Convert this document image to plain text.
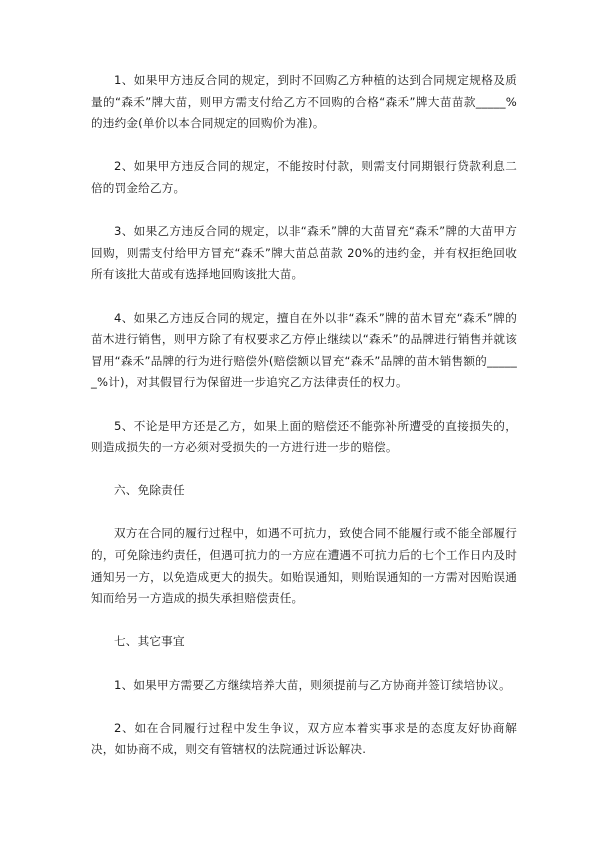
1、如果甲方违反合同的规定，到时不回购乙方种植的达到合同规定规格及质量的“森禾”牌大苗，则甲方需支付给乙方不回购的合格“森禾”牌大苗苗款_____%的违约金(单价以本合同规定的回购价为准)。

2、如果甲方违反合同的规定，不能按时付款，则需支付同期银行贷款利息二倍的罚金给乙方。

3、如果乙方违反合同的规定，以非“森禾”牌的大苗冒充“森禾”牌的大苗甲方回购，则需支付给甲方冒充“森禾”牌大苗总苗款 20%的违约金，并有权拒绝回收所有该批大苗或有选择地回购该批大苗。

4、如果乙方违反合同的规定，擅自在外以非“森禾”牌的苗木冒充“森禾”牌的苗木进行销售，则甲方除了有权要求乙方停止继续以“森禾”的品牌进行销售并就该冒用“森禾”品牌的行为进行赔偿外(赔偿额以冒充“森禾”品牌的苗木销售额的______%计)，对其假冒行为保留进一步追究乙方法律责任的权力。

5、不论是甲方还是乙方，如果上面的赔偿还不能弥补所遭受的直接损失的，则造成损失的一方必须对受损失的一方进行进一步的赔偿。

六、免除责任

双方在合同的履行过程中，如遇不可抗力，致使合同不能履行或不能全部履行的，可免除违约责任，但遇可抗力的一方应在遭遇不可抗力后的七个工作日内及时通知另一方，以免造成更大的损失。如贻误通知，则贻误通知的一方需对因贻误通知而给另一方造成的损失承担赔偿责任。

七、其它事宜

1、如果甲方需要乙方继续培养大苗，则须提前与乙方协商并签订续培协议。

2、如在合同履行过程中发生争议，双方应本着实事求是的态度友好协商解决，如协商不成，则交有管辖权的法院通过诉讼解决.
